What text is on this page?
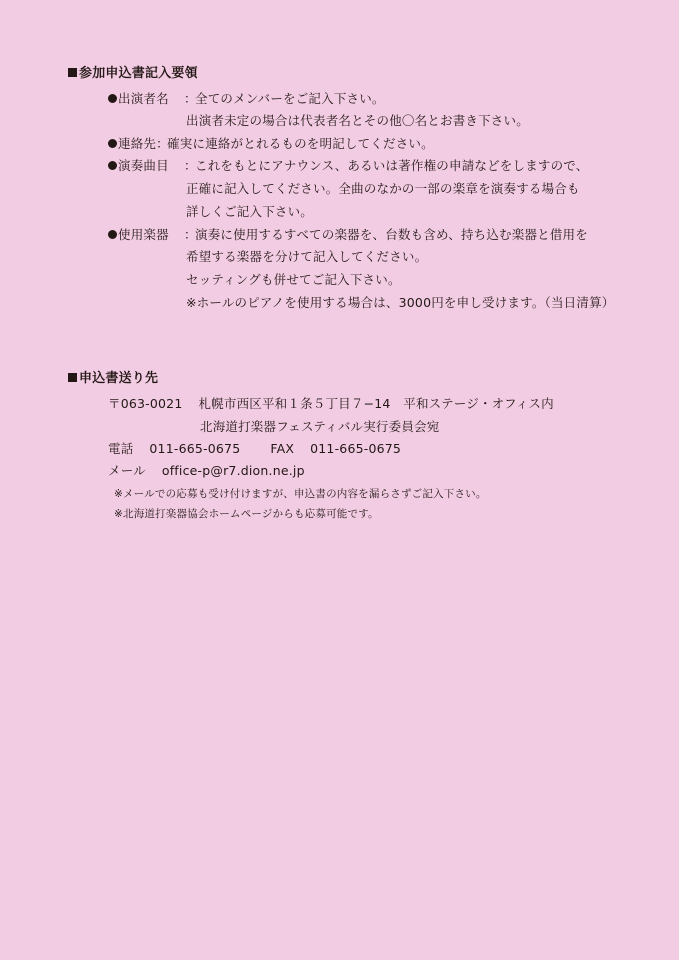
参加申込書記入要領
出演者名 ：全てのメンバーをご記入下さい。
出演者未定の場合は代表者名とその他〇名とお書き下さい。
連絡先：確実に連絡がとれるものを明記してください。
演奏曲目 ：これをもとにアナウンス、あるいは著作権の申請などをしますので、
正確に記入してください。全曲のなかの一部の楽章を演奏する場合も
詳しくご記入下さい。
使用楽器 ：演奏に使用するすべての楽器を、台数も含め、持ち込む楽器と借用を
希望する楽器を分けて記入してください。
セッティングも併せてご記入下さい。
※ホールのピアノを使用する場合は、3000円を申し受けます。（当日清算）
申込書送り先
〒063-0021 札幌市西区平和１条５丁目７−14　平和ステージ・オフィス内
北海道打楽器フェスティバル実行委員会宛
電話 011-665-0675 FAX 011-665-0675
メール office-p@r7.dion.ne.jp
※メールでの応募も受け付けますが、申込書の内容を漏らさずご記入下さい。
※北海道打楽器協会ホームページからも応募可能です。
